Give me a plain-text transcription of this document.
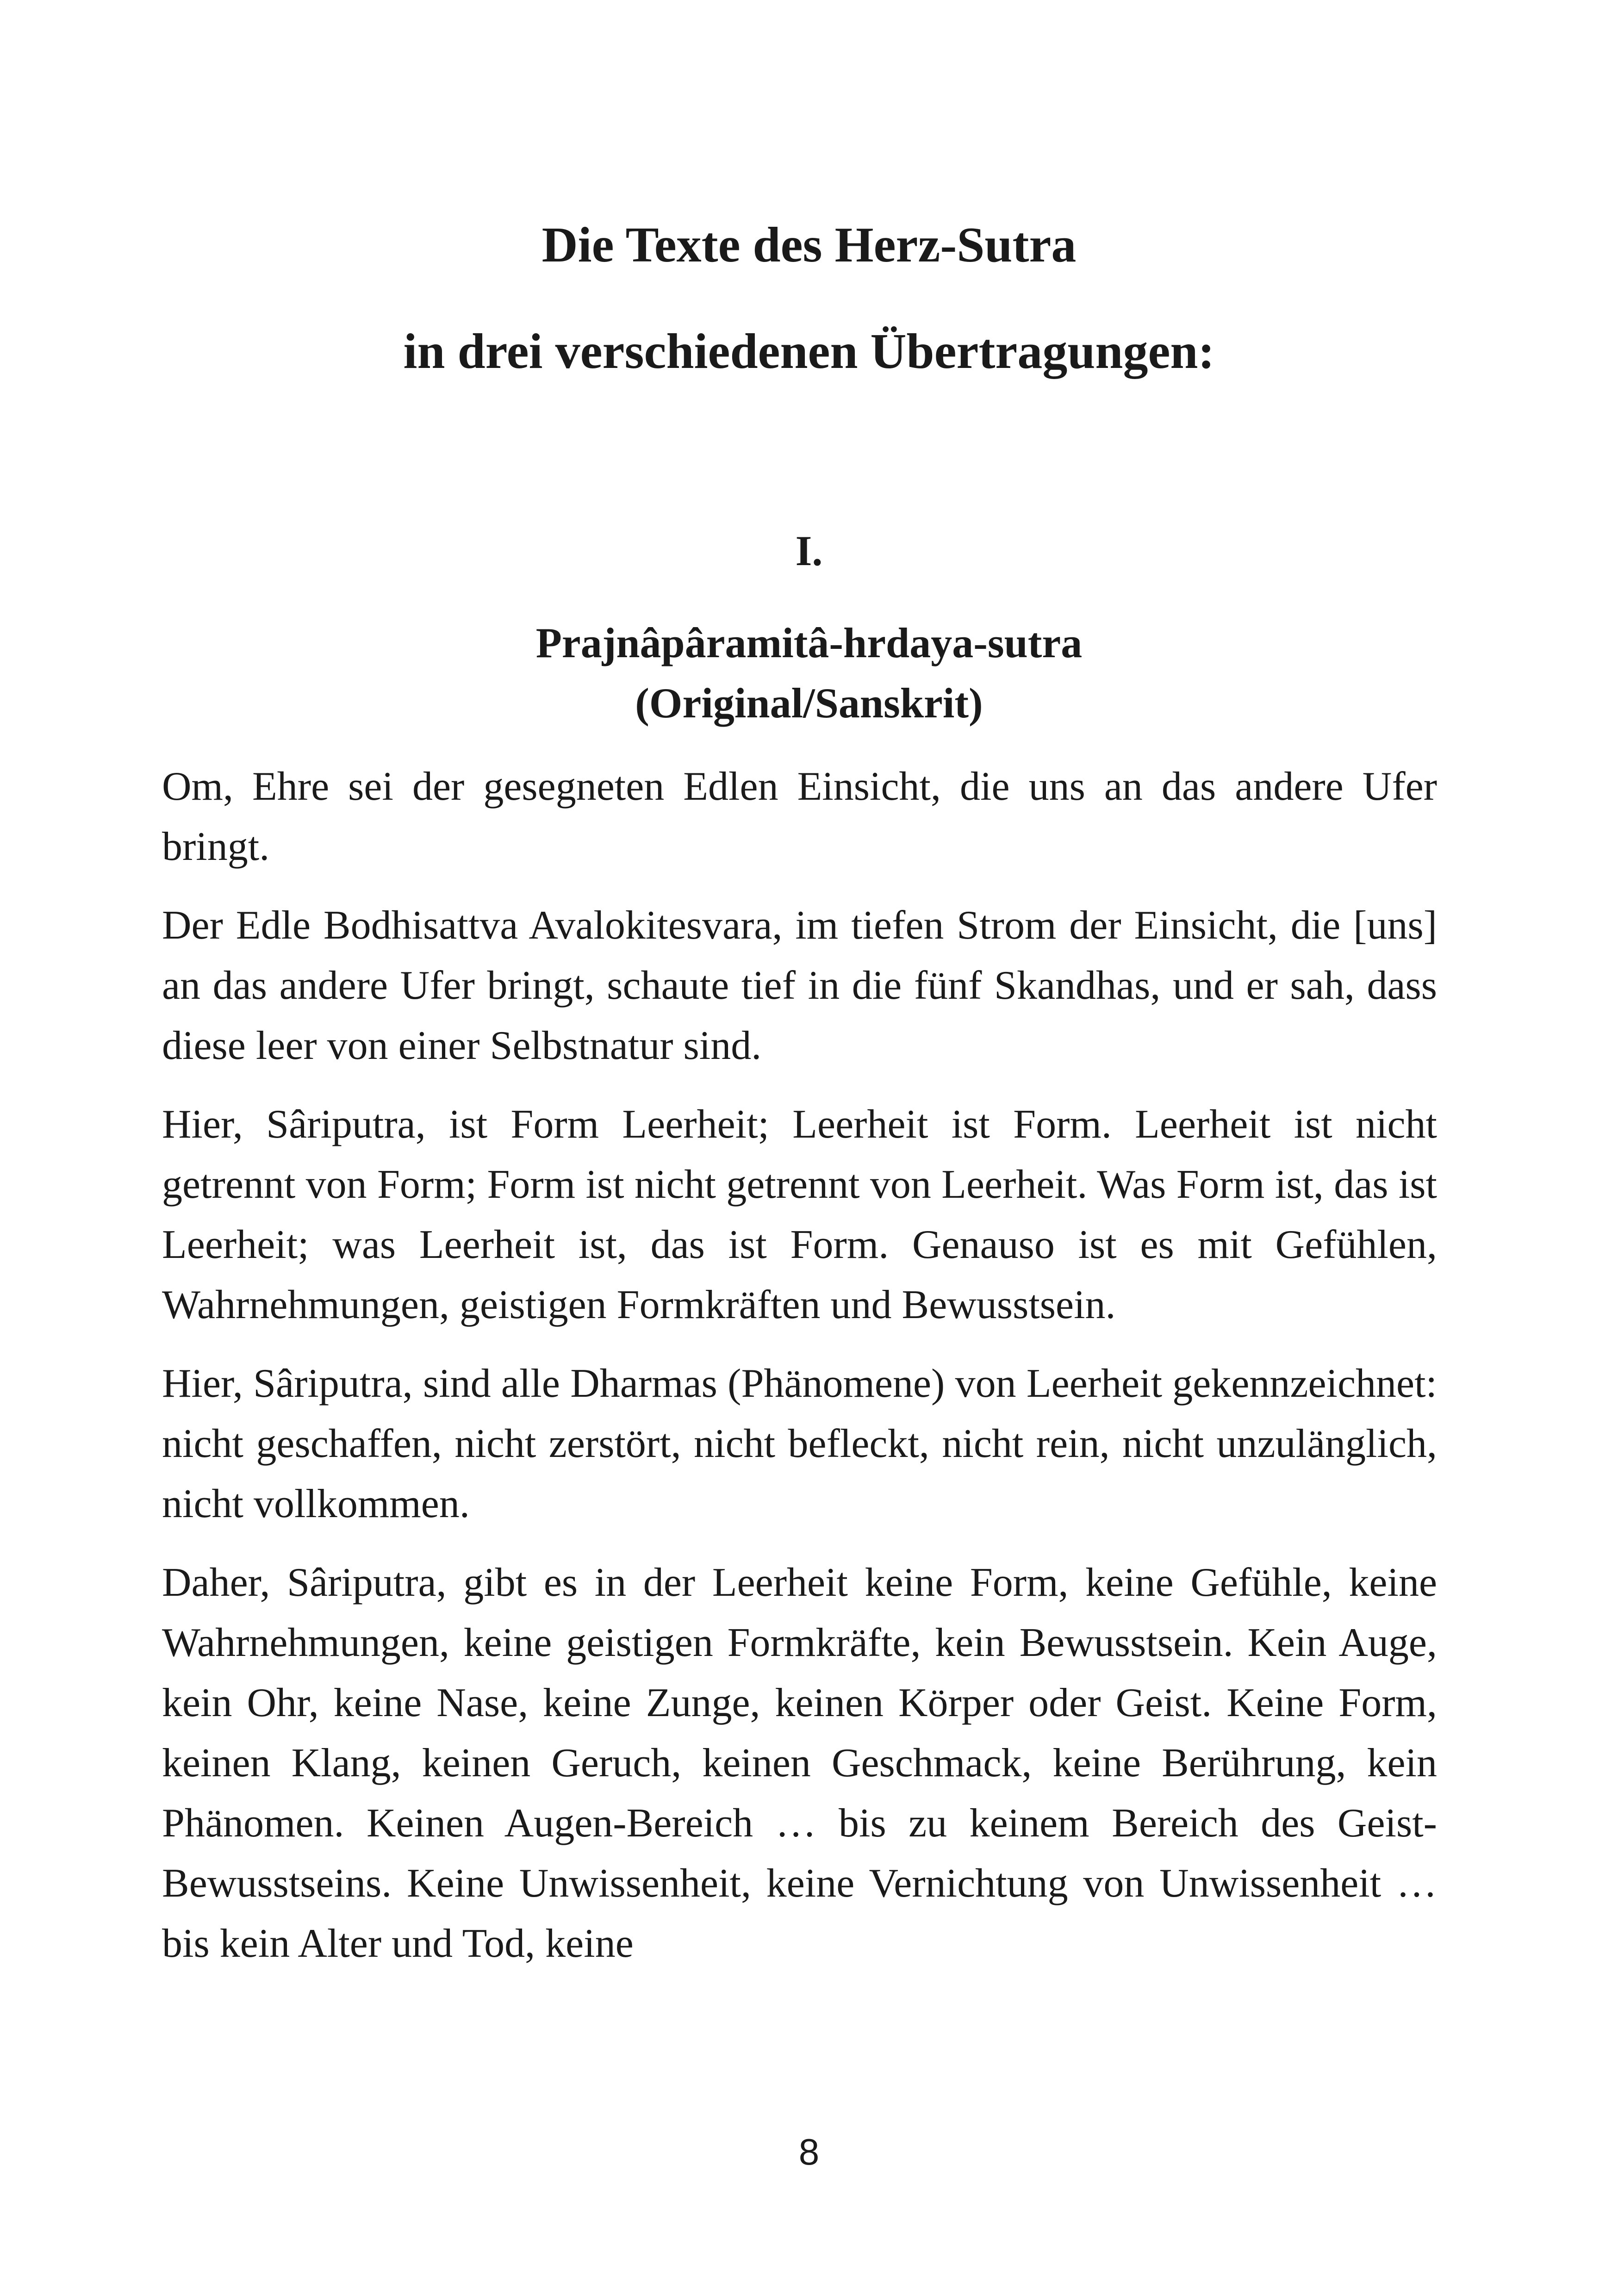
Die Texte des Herz-Sutra
in drei verschiedenen Übertragungen:
I.
Prajnâpâramitâ-hrdaya-sutra
(Original/Sanskrit)

Om, Ehre sei der gesegneten Edlen Einsicht, die uns an das andere Ufer bringt.

Der Edle Bodhisattva Avalokitesvara, im tiefen Strom der Einsicht, die [uns] an das andere Ufer bringt, schaute tief in die fünf Skandhas, und er sah, dass diese leer von einer Selbstnatur sind.

Hier, Sâriputra, ist Form Leerheit; Leerheit ist Form. Leerheit ist nicht getrennt von Form; Form ist nicht getrennt von Leerheit. Was Form ist, das ist Leerheit; was Leerheit ist, das ist Form. Genauso ist es mit Gefühlen, Wahrnehmungen, geistigen Formkräften und Bewusstsein.

Hier, Sâriputra, sind alle Dharmas (Phänomene) von Leerheit gekennzeichnet: nicht geschaffen, nicht zerstört, nicht befleckt, nicht rein, nicht unzulänglich, nicht vollkommen.

Daher, Sâriputra, gibt es in der Leerheit keine Form, keine Gefühle, keine Wahrnehmungen, keine geistigen Formkräfte, kein Bewusstsein. Kein Auge, kein Ohr, keine Nase, keine Zunge, keinen Körper oder Geist. Keine Form, keinen Klang, keinen Geruch, keinen Geschmack, keine Berührung, kein Phänomen. Keinen Augen-Bereich … bis zu keinem Bereich des Geist-Bewusstseins. Keine Unwissenheit, keine Vernichtung von Unwissenheit … bis kein Alter und Tod, keine

8
